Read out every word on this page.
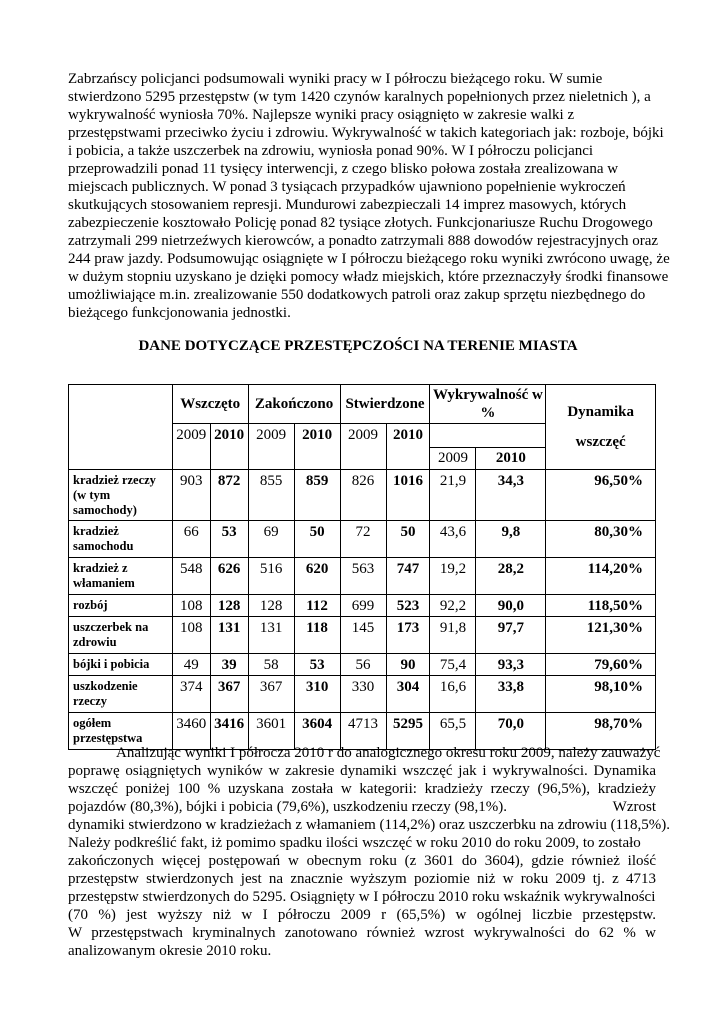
Zabrzańscy policjanci podsumowali wyniki pracy w I półroczu bieżącego roku. W sumie
stwierdzono 5295 przestępstw (w tym 1420 czynów karalnych popełnionych przez nieletnich ), a
wykrywalność wyniosła 70%. Najlepsze wyniki pracy osiągnięto w zakresie walki z
przestępstwami przeciwko życiu i zdrowiu. Wykrywalność w takich kategoriach jak: rozboje, bójki
i pobicia, a także uszczerbek na zdrowiu, wyniosła ponad 90%. W I półroczu policjanci
przeprowadzili ponad 11 tysięcy interwencji, z czego blisko połowa została zrealizowana w
miejscach publicznych. W ponad 3 tysiącach przypadków ujawniono popełnienie wykroczeń
skutkujących stosowaniem represji. Mundurowi zabezpieczali 14 imprez masowych, których
zabezpieczenie kosztowało Policję ponad 82 tysiące złotych. Funkcjonariusze Ruchu Drogowego
zatrzymali 299 nietrzeźwych kierowców, a ponadto zatrzymali 888 dowodów rejestracyjnych oraz
244 praw jazdy. Podsumowując osiągnięte w I półroczu bieżącego roku wyniki zwrócono uwagę, że
w dużym stopniu uzyskano je dzięki pomocy władz miejskich, które przeznaczyły środki finansowe
umożliwiające m.in. zrealizowanie 550 dodatkowych patroli oraz zakup sprzętu niezbędnego do
bieżącego funkcjonowania jednostki.

DANE DOTYCZĄCE PRZESTĘPCZOŚCI NA TERENIE MIASTA
	Wszczęto		Zakończono		Stwierdzone		Wykrywalność w %		Dynamika wszczęć
	2009	2010	2009	2010	2009	2010			
							2009	2010	
kradzież rzeczy (w tym samochody)	903	872	855	859	826	1016	21,9	34,3	96,50%
kradzież samochodu	66	53	69	50	72	50	43,6	9,8	80,30%
kradzież z włamaniem	548	626	516	620	563	747	19,2	28,2	114,20%
rozbój	108	128	128	112	699	523	92,2	90,0	118,50%
uszczerbek na zdrowiu	108	131	131	118	145	173	91,8	97,7	121,30%
bójki i pobicia	49	39	58	53	56	90	75,4	93,3	79,60%
uszkodzenie rzeczy	374	367	367	310	330	304	16,6	33,8	98,10%
ogółem przestępstwa	3460	3416	3601	3604	4713	5295	65,5	70,0	98,70%

Analizując wyniki I półrocza 2010 r do analogicznego okresu roku 2009, należy zauważyć
poprawę osiągniętych wyników w zakresie dynamiki wszczęć jak i wykrywalności. Dynamika
wszczęć poniżej 100 % uzyskana została w kategorii: kradzieży rzeczy (96,5%), kradzieży
pojazdów (80,3%), bójki i pobicia (79,6%), uszkodzeniu rzeczy (98,1%).	Wzrost
dynamiki stwierdzono w kradzieżach z włamaniem (114,2%) oraz uszczerbku na zdrowiu (118,5%).
Należy podkreślić fakt, iż pomimo spadku ilości wszczęć w roku 2010 do roku 2009, to zostało
zakończonych więcej postępowań w obecnym roku (z 3601 do 3604), gdzie również ilość
przestępstw stwierdzonych jest na znacznie wyższym poziomie niż w roku 2009 tj. z 4713
przestępstw stwierdzonych do 5295. Osiągnięty w I półroczu 2010 roku wskaźnik wykrywalności
(70 %) jest wyższy niż w I półroczu 2009 r (65,5%) w ogólnej liczbie przestępstw.
W przestępstwach kryminalnych zanotowano również wzrost wykrywalności do 62 % w
analizowanym okresie 2010 roku.
